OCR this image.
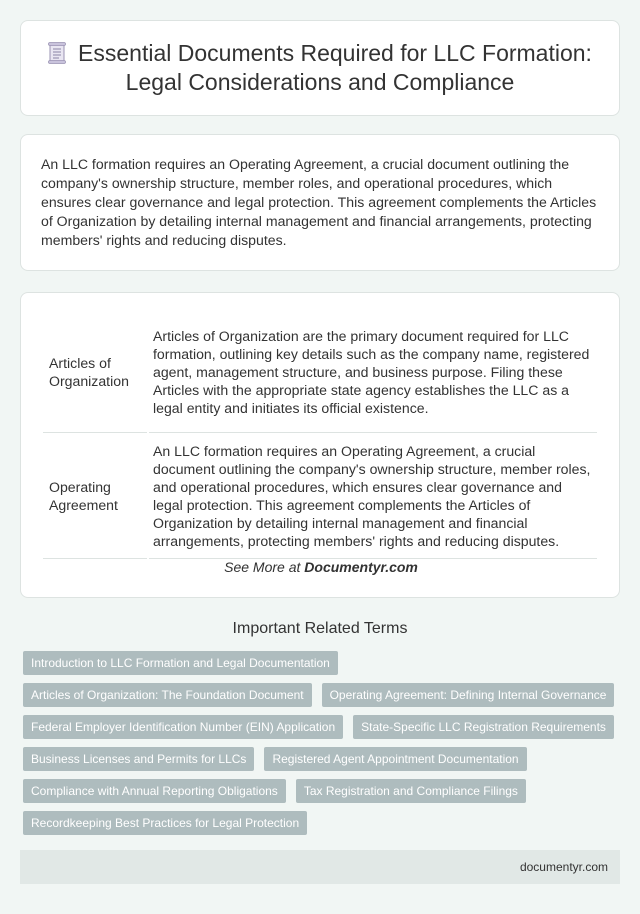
Essential Documents Required for LLC Formation: Legal Considerations and Compliance

An LLC formation requires an Operating Agreement, a crucial document outlining the company's ownership structure, member roles, and operational procedures, which ensures clear governance and legal protection. This agreement complements the Articles of Organization by detailing internal management and financial arrangements, protecting members' rights and reducing disputes.

Articles of Organization	Articles of Organization are the primary document required for LLC formation, outlining key details such as the company name, registered agent, management structure, and business purpose. Filing these Articles with the appropriate state agency establishes the LLC as a legal entity and initiates its official existence.
Operating Agreement	An LLC formation requires an Operating Agreement, a crucial document outlining the company's ownership structure, member roles, and operational procedures, which ensures clear governance and legal protection. This agreement complements the Articles of Organization by detailing internal management and financial arrangements, protecting members' rights and reducing disputes.
See More at Documentyr.com
Important Related Terms
Introduction to LLC Formation and Legal Documentation
Articles of Organization: The Foundation Document	Operating Agreement: Defining Internal Governance
Federal Employer Identification Number (EIN) Application	State-Specific LLC Registration Requirements
Business Licenses and Permits for LLCs	Registered Agent Appointment Documentation
Compliance with Annual Reporting Obligations	Tax Registration and Compliance Filings
Recordkeeping Best Practices for Legal Protection
documentyr.com
